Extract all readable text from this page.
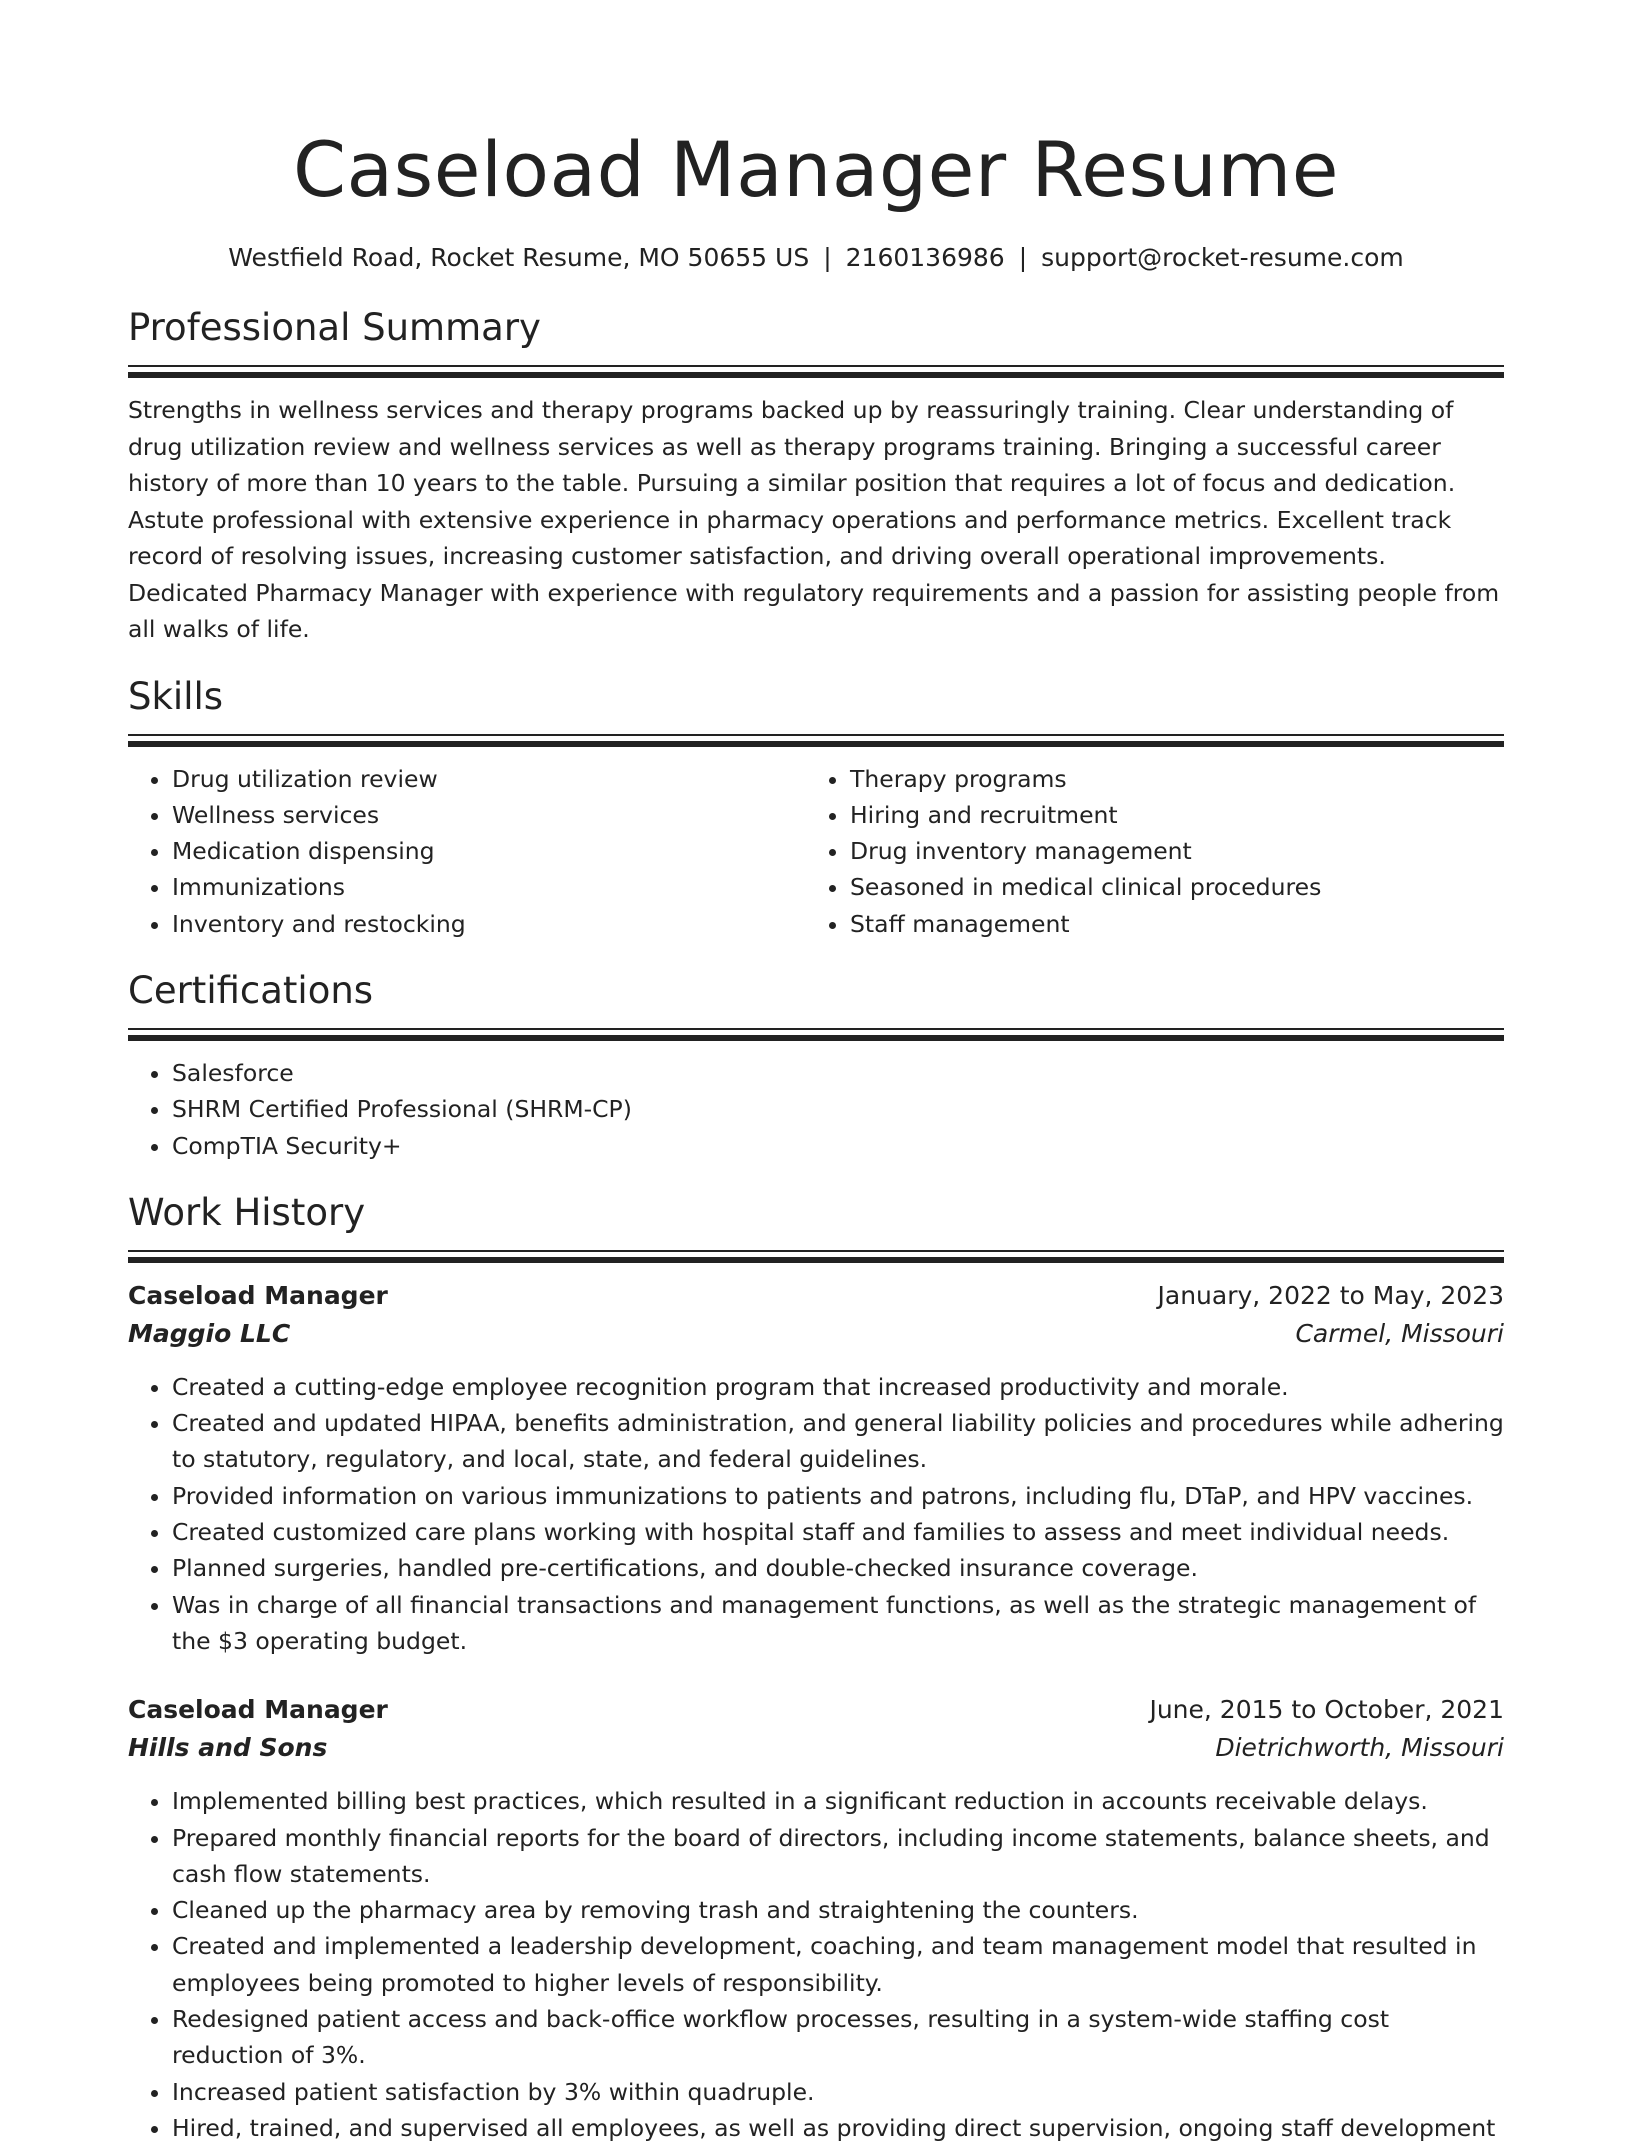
Caseload Manager Resume
Westfield Road, Rocket Resume, MO 50655 US | 2160136986 | support@rocket-resume.com
Professional Summary

Strengths in wellness services and therapy programs backed up by reassuringly training. Clear understanding of drug utilization review and wellness services as well as therapy programs training. Bringing a successful career history of more than 10 years to the table. Pursuing a similar position that requires a lot of focus and dedication. Astute professional with extensive experience in pharmacy operations and performance metrics. Excellent track record of resolving issues, increasing customer satisfaction, and driving overall operational improvements. Dedicated Pharmacy Manager with experience with regulatory requirements and a passion for assisting people from all walks of life.

Skills
• Drug utilization review
• Wellness services
• Medication dispensing
• Immunizations
• Inventory and restocking
• Therapy programs
• Hiring and recruitment
• Drug inventory management
• Seasoned in medical clinical procedures
• Staff management
Certifications
• Salesforce
• SHRM Certified Professional (SHRM-CP)
• CompTIA Security+
Work History
Caseload Manager	January, 2022 to May, 2023
Maggio LLC	Carmel, Missouri
• Created a cutting-edge employee recognition program that increased productivity and morale.
• Created and updated HIPAA, benefits administration, and general liability policies and procedures while adhering to statutory, regulatory, and local, state, and federal guidelines.
• Provided information on various immunizations to patients and patrons, including flu, DTaP, and HPV vaccines.
• Created customized care plans working with hospital staff and families to assess and meet individual needs.
• Planned surgeries, handled pre-certifications, and double-checked insurance coverage.
• Was in charge of all financial transactions and management functions, as well as the strategic management of the $3 operating budget.
Caseload Manager	June, 2015 to October, 2021
Hills and Sons	Dietrichworth, Missouri
• Implemented billing best practices, which resulted in a significant reduction in accounts receivable delays.
• Prepared monthly financial reports for the board of directors, including income statements, balance sheets, and cash flow statements.
• Cleaned up the pharmacy area by removing trash and straightening the counters.
• Created and implemented a leadership development, coaching, and team management model that resulted in employees being promoted to higher levels of responsibility.
• Redesigned patient access and back-office workflow processes, resulting in a system-wide staffing cost reduction of 3%.
• Increased patient satisfaction by 3% within quadruple.
• Hired, trained, and supervised all employees, as well as providing direct supervision, ongoing staff development
